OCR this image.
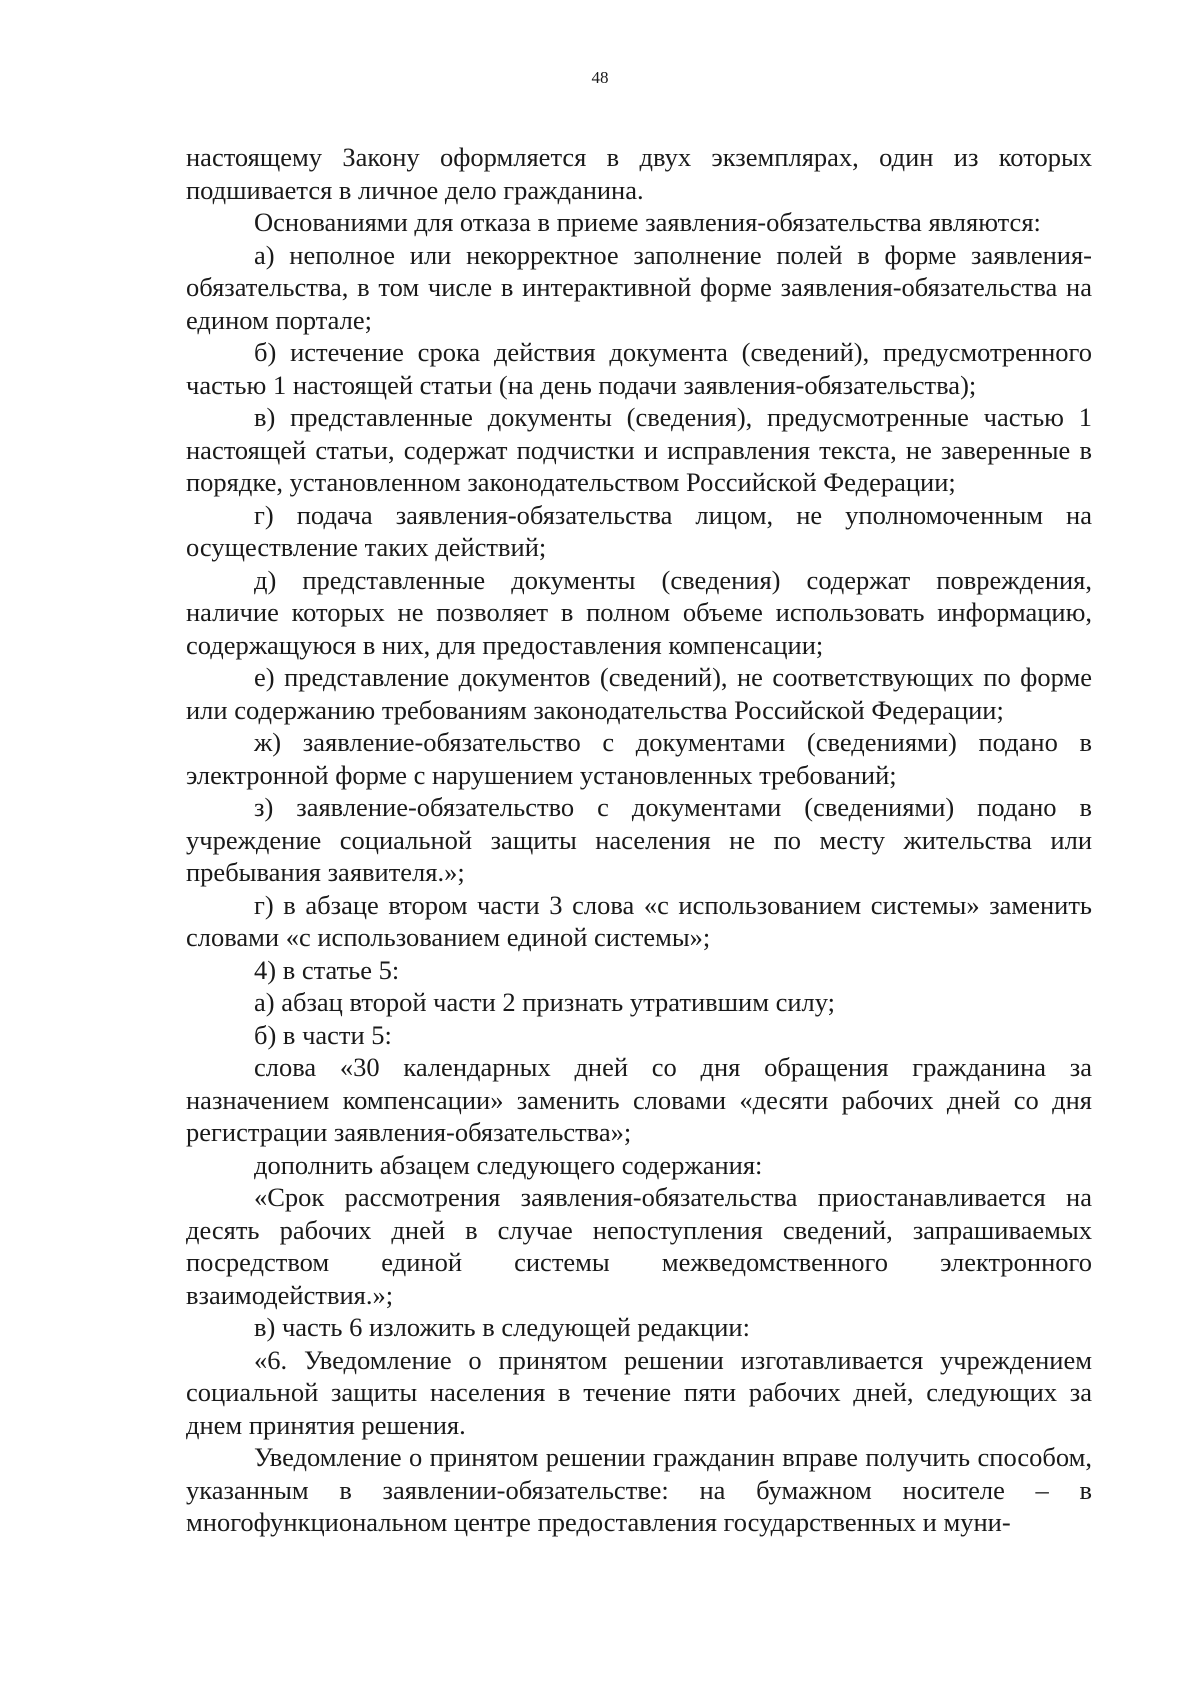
48

настоящему Закону оформляется в двух экземплярах, один из которых подшивается в личное дело гражданина.

Основаниями для отказа в приеме заявления-обязательства являются:

а) неполное или некорректное заполнение полей в форме заявления-обязательства, в том числе в интерактивной форме заявления-обязательства на едином портале;

б) истечение срока действия документа (сведений), предусмотренного частью 1 настоящей статьи (на день подачи заявления-обязательства);

в) представленные документы (сведения), предусмотренные частью 1 настоящей статьи, содержат подчистки и исправления текста, не заверенные в порядке, установленном законодательством Российской Федерации;

г) подача заявления-обязательства лицом, не уполномоченным на осуществление таких действий;

д) представленные документы (сведения) содержат повреждения, наличие которых не позволяет в полном объеме использовать информацию, содержащуюся в них, для предоставления компенсации;

е) представление документов (сведений), не соответствующих по форме или содержанию требованиям законодательства Российской Федерации;

ж) заявление-обязательство с документами (сведениями) подано в электронной форме с нарушением установленных требований;

з) заявление-обязательство с документами (сведениями) подано в учреждение социальной защиты населения не по месту жительства или пребывания заявителя.»;

г) в абзаце втором части 3 слова «с использованием системы» заменить словами «с использованием единой системы»;

4) в статье 5:

а) абзац второй части 2 признать утратившим силу;

б) в части 5:

слова «30 календарных дней со дня обращения гражданина за назначением компенсации» заменить словами «десяти рабочих дней со дня регистрации заявления-обязательства»;

дополнить абзацем следующего содержания:

«Срок рассмотрения заявления-обязательства приостанавливается на десять рабочих дней в случае непоступления сведений, запрашиваемых посредством единой системы межведомственного электронного взаимодействия.»;

в) часть 6 изложить в следующей редакции:

«6. Уведомление о принятом решении изготавливается учреждением социальной защиты населения в течение пяти рабочих дней, следующих за днем принятия решения.

Уведомление о принятом решении гражданин вправе получить способом, указанным в заявлении-обязательстве: на бумажном носителе – в многофункциональном центре предоставления государственных и муни-
